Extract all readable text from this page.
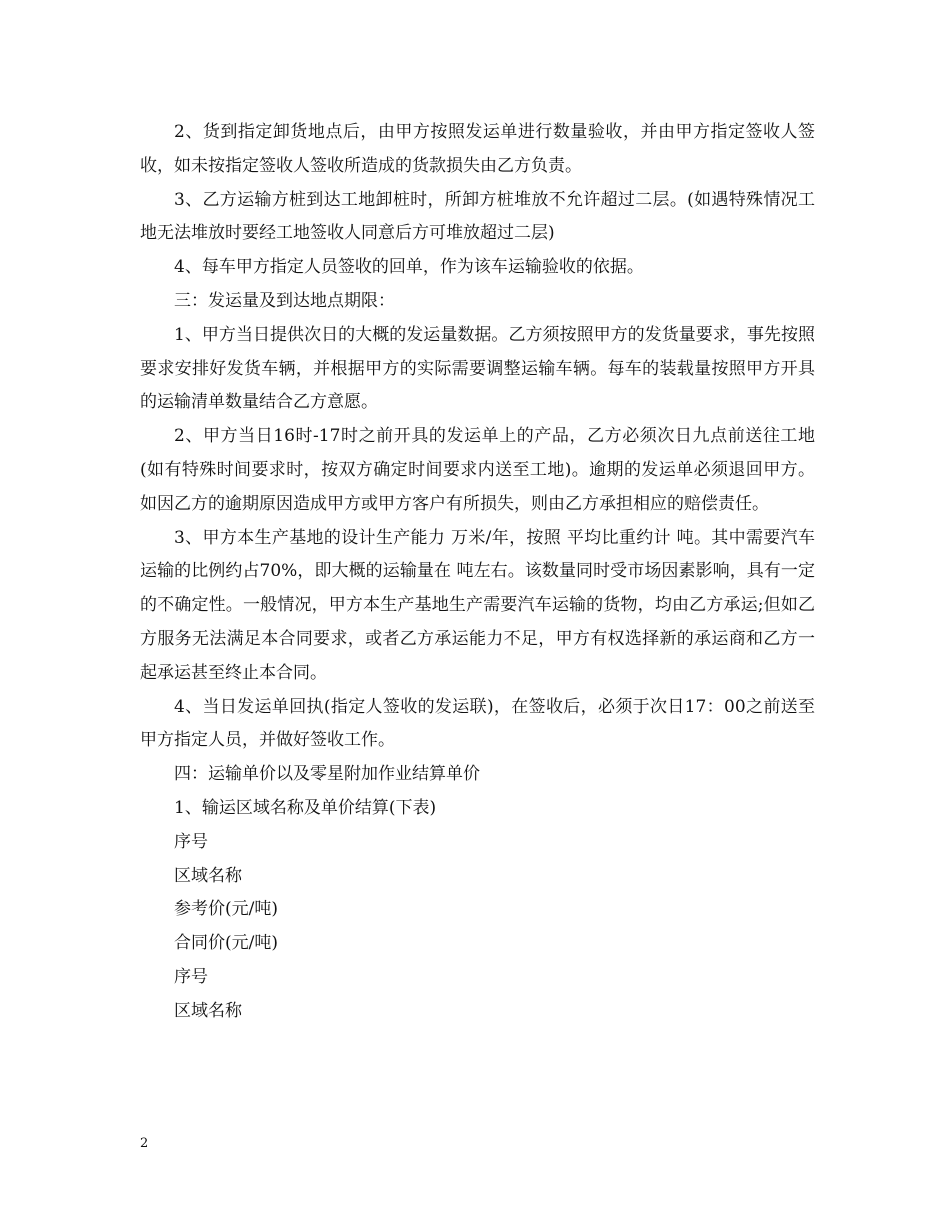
2、货到指定卸货地点后，由甲方按照发运单进行数量验收，并由甲方指定签收人签收，如未按指定签收人签收所造成的货款损失由乙方负责。

3、乙方运输方桩到达工地卸桩时，所卸方桩堆放不允许超过二层。(如遇特殊情况工地无法堆放时要经工地签收人同意后方可堆放超过二层)

4、每车甲方指定人员签收的回单，作为该车运输验收的依据。

三：发运量及到达地点期限：

1、甲方当日提供次日的大概的发运量数据。乙方须按照甲方的发货量要求，事先按照要求安排好发货车辆，并根据甲方的实际需要调整运输车辆。每车的装载量按照甲方开具的运输清单数量结合乙方意愿。

2、甲方当日16时-17时之前开具的发运单上的产品，乙方必须次日九点前送往工地(如有特殊时间要求时，按双方确定时间要求内送至工地)。逾期的发运单必须退回甲方。如因乙方的逾期原因造成甲方或甲方客户有所损失，则由乙方承担相应的赔偿责任。

3、甲方本生产基地的设计生产能力 万米/年，按照 平均比重约计 吨。其中需要汽车运输的比例约占70%，即大概的运输量在 吨左右。该数量同时受市场因素影响，具有一定的不确定性。一般情况，甲方本生产基地生产需要汽车运输的货物，均由乙方承运;但如乙方服务无法满足本合同要求，或者乙方承运能力不足，甲方有权选择新的承运商和乙方一起承运甚至终止本合同。

4、当日发运单回执(指定人签收的发运联)，在签收后，必须于次日17：00之前送至甲方指定人员，并做好签收工作。

四：运输单价以及零星附加作业结算单价

1、输运区域名称及单价结算(下表)

序号

区域名称

参考价(元/吨)

合同价(元/吨)

序号

区域名称

2
